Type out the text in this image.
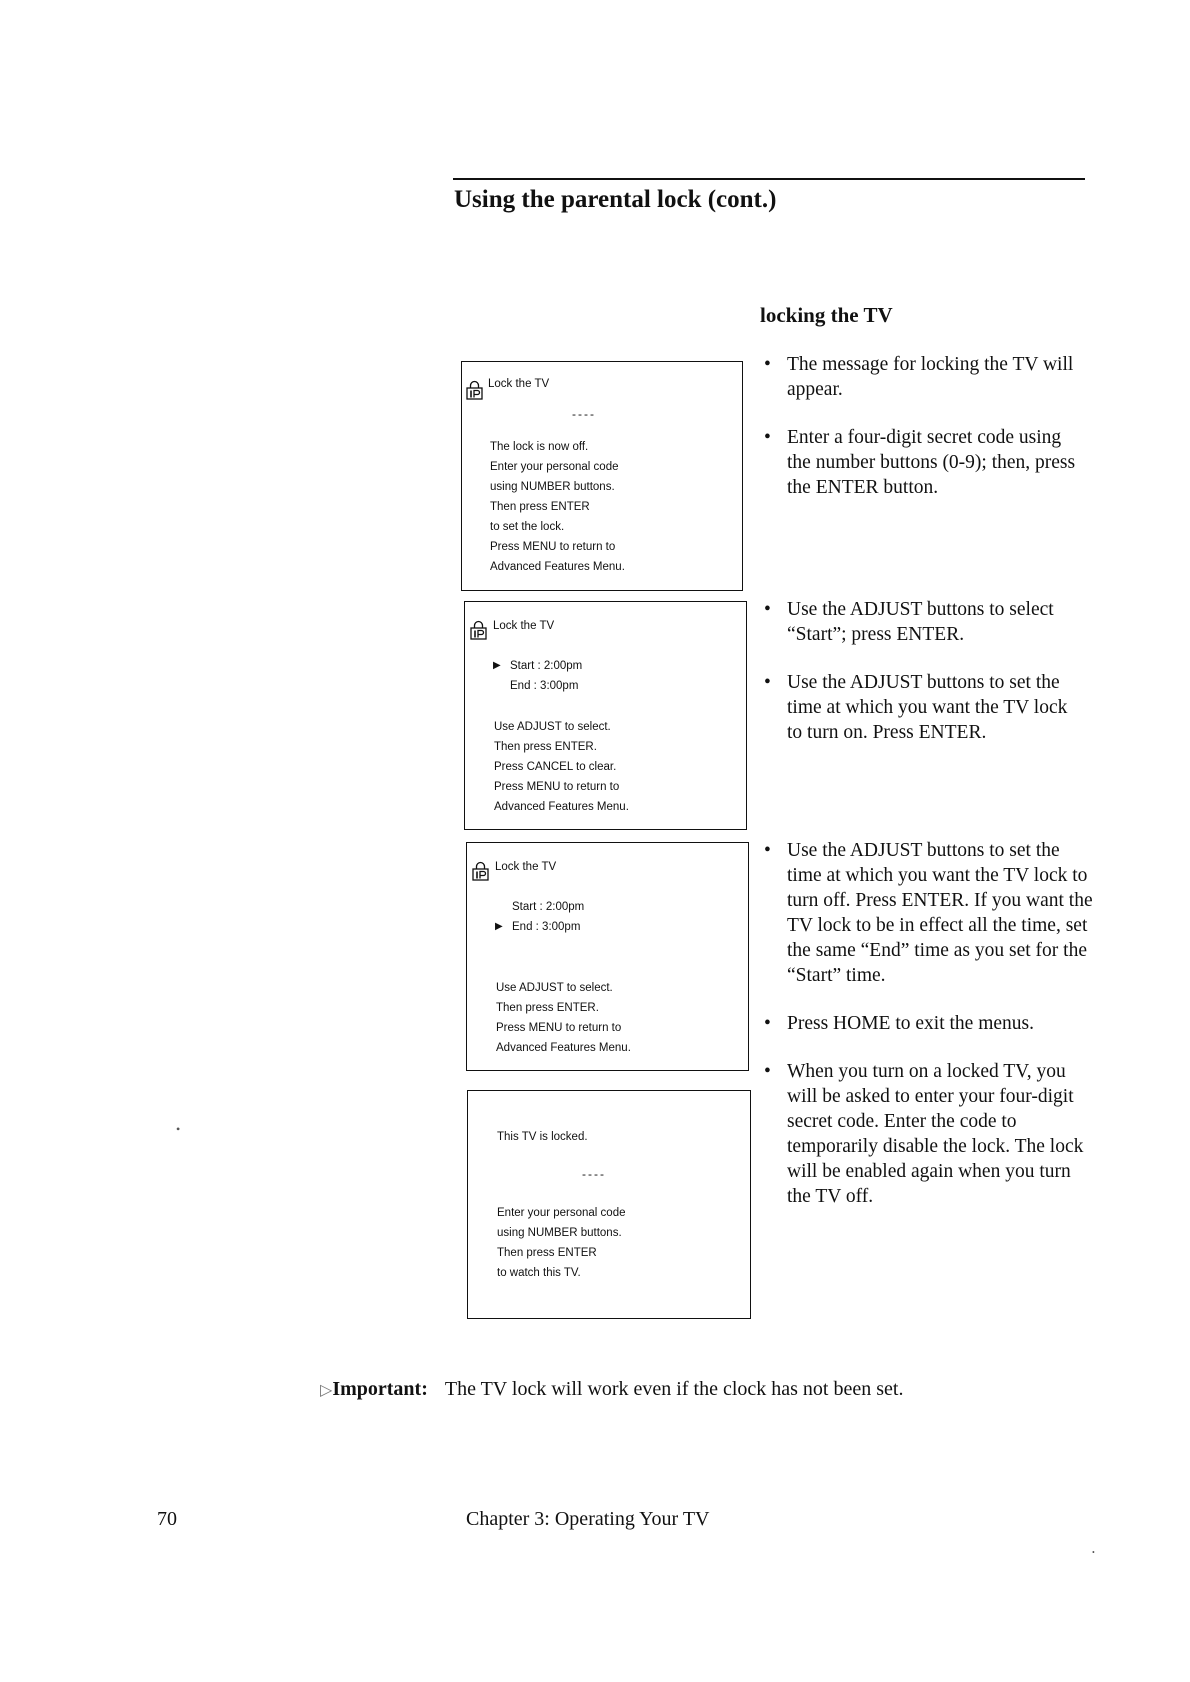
Using the parental lock (cont.)
locking the TV
Lock the TV
----
The lock is now off.
Enter your personal code
using NUMBER buttons.
Then press ENTER
to set the lock.
Press MENU to return to
Advanced Features Menu.
Lock the TV
▶ Start : 2:00pm
End : 3:00pm
Use ADJUST to select.
Then press ENTER.
Press CANCEL to clear.
Press MENU to return to
Advanced Features Menu.
Lock the TV
Start : 2:00pm
▶ End : 3:00pm
Use ADJUST to select.
Then press ENTER.
Press MENU to return to
Advanced Features Menu.
This TV is locked.
----
Enter your personal code
using NUMBER buttons.
Then press ENTER
to watch this TV.

• The message for locking the TV will appear.

• Enter a four-digit secret code using the number buttons (0-9); then, press the ENTER button.

• Use the ADJUST buttons to select “Start”; press ENTER.

• Use the ADJUST buttons to set the time at which you want the TV lock to turn on. Press ENTER.

• Use the ADJUST buttons to set the time at which you want the TV lock to turn off. Press ENTER. If you want the TV lock to be in effect all the time, set the same “End” time as you set for the “Start” time.

• Press HOME to exit the menus.

• When you turn on a locked TV, you will be asked to enter your four-digit secret code. Enter the code to temporarily disable the lock. The lock will be enabled again when you turn the TV off.

▷Important: The TV lock will work even if the clock has not been set.
70	Chapter 3: Operating Your TV
•
•
